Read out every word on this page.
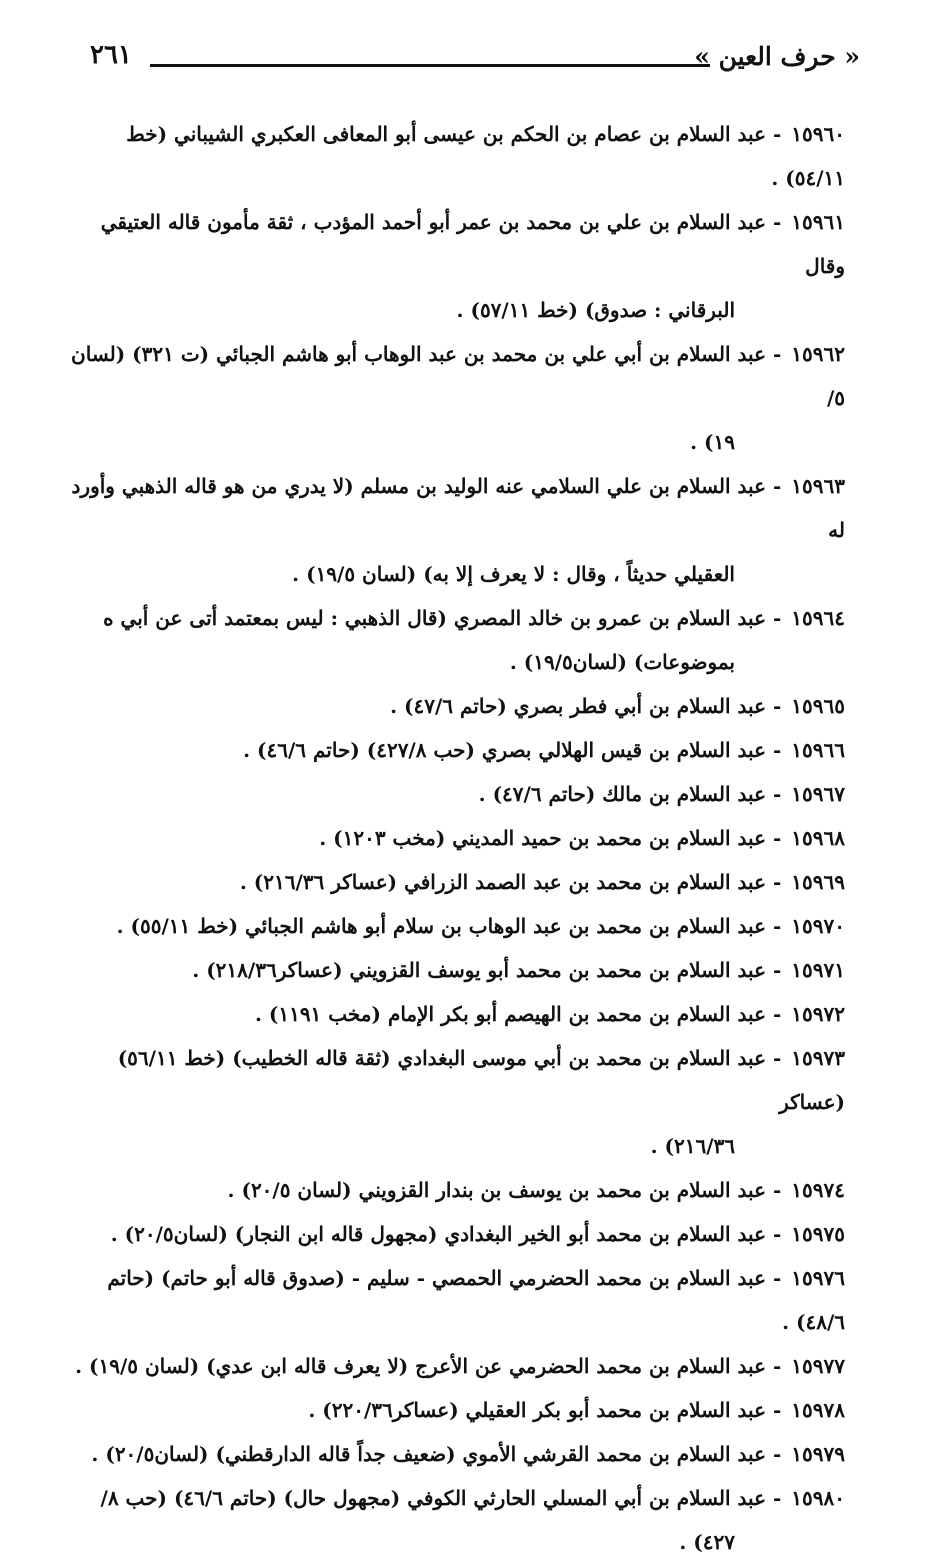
٢٦١	« حرف العين »

١٥٩٦٠- عبد السلام بن عصام بن الحكم بن عيسى أبو المعافى العكبري الشيباني (خط ٥٤/١١) .

١٥٩٦١- عبد السلام بن علي بن محمد بن عمر أبو أحمد المؤدب ، ثقة مأمون قاله العتيقي وقال
البرقاني : صدوق) (خط ٥٧/١١) .

١٥٩٦٢- عبد السلام بن أبي علي بن محمد بن عبد الوهاب أبو هاشم الجبائي (ت ٣٢١) (لسان ٥/
١٩) .

١٥٩٦٣- عبد السلام بن علي السلامي عنه الوليد بن مسلم (لا يدري من هو قاله الذهبي وأورد له
العقيلي حديثاً ، وقال : لا يعرف إلا به) (لسان ١٩/٥) .

١٥٩٦٤- عبد السلام بن عمرو بن خالد المصري (قال الذهبي : ليس بمعتمد أتى عن أبي ه
بموضوعات) (لسان١٩/٥) .

١٥٩٦٥- عبد السلام بن أبي فطر بصري (حاتم ٤٧/٦) .

١٥٩٦٦- عبد السلام بن قيس الهلالي بصري (حب ٤٢٧/٨) (حاتم ٤٦/٦) .

١٥٩٦٧- عبد السلام بن مالك (حاتم ٤٧/٦) .

١٥٩٦٨- عبد السلام بن محمد بن حميد المديني (مخب ١٢٠٣) .

١٥٩٦٩- عبد السلام بن محمد بن عبد الصمد الزرافي (عساكر ٢١٦/٣٦) .

١٥٩٧٠- عبد السلام بن محمد بن عبد الوهاب بن سلام أبو هاشم الجبائي (خط ٥٥/١١) .

١٥٩٧١- عبد السلام بن محمد بن محمد أبو يوسف القزويني (عساكر٢١٨/٣٦) .

١٥٩٧٢- عبد السلام بن محمد بن الهيصم أبو بكر الإمام (مخب ١١٩١) .

١٥٩٧٣- عبد السلام بن محمد بن أبي موسى البغدادي (ثقة قاله الخطيب) (خط ٥٦/١١) (عساكر
٢١٦/٣٦) .

١٥٩٧٤- عبد السلام بن محمد بن يوسف بن بندار القزويني (لسان ٢٠/٥) .

١٥٩٧٥- عبد السلام بن محمد أبو الخير البغدادي (مجهول قاله ابن النجار) (لسان٢٠/٥) .

١٥٩٧٦- عبد السلام بن محمد الحضرمي الحمصي - سليم - (صدوق قاله أبو حاتم) (حاتم ٤٨/٦) .

١٥٩٧٧- عبد السلام بن محمد الحضرمي عن الأعرج (لا يعرف قاله ابن عدي) (لسان ١٩/٥) .

١٥٩٧٨- عبد السلام بن محمد أبو بكر العقيلي (عساكر٢٢٠/٣٦) .

١٥٩٧٩- عبد السلام بن محمد القرشي الأموي (ضعيف جداً قاله الدارقطني) (لسان٢٠/٥) .

١٥٩٨٠- عبد السلام بن أبي المسلي الحارثي الكوفي (مجهول حال) (حاتم ٤٦/٦) (حب ٨/
٤٢٧) .
